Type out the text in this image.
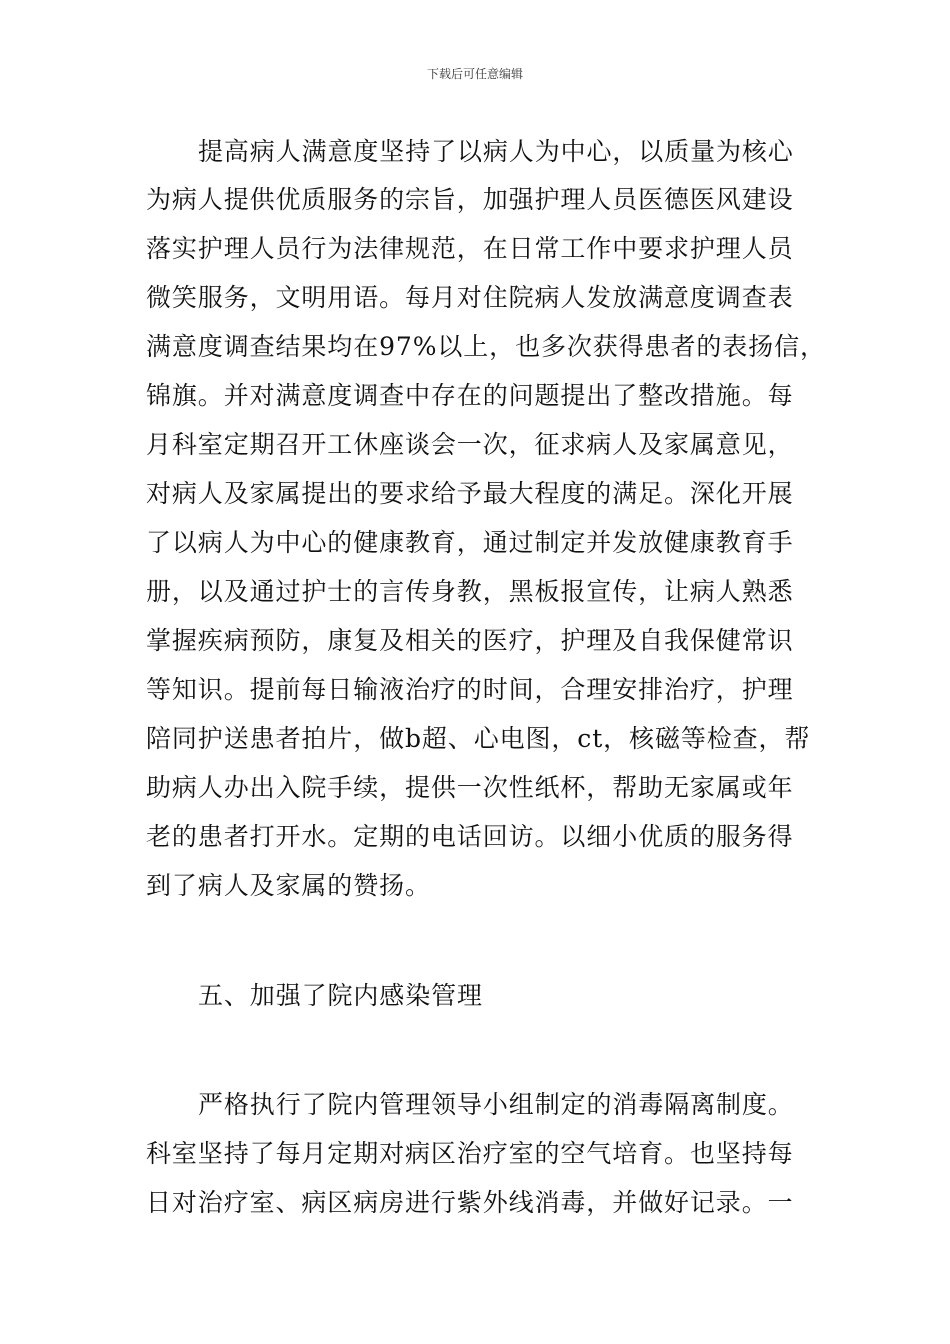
下载后可任意编辑
提高病人满意度坚持了以病人为中心，以质量为核心
为病人提供优质服务的宗旨，加强护理人员医德医风建设
落实护理人员行为法律规范，在日常工作中要求护理人员
微笑服务，文明用语。每月对住院病人发放满意度调查表
满意度调查结果均在97%以上，也多次获得患者的表扬信，
锦旗。并对满意度调查中存在的问题提出了整改措施。每
月科室定期召开工休座谈会一次，征求病人及家属意见，
对病人及家属提出的要求给予最大程度的满足。深化开展
了以病人为中心的健康教育，通过制定并发放健康教育手
册，以及通过护士的言传身教，黑板报宣传，让病人熟悉
掌握疾病预防，康复及相关的医疗，护理及自我保健常识
等知识。提前每日输液治疗的时间，合理安排治疗，护理
陪同护送患者拍片，做b超、心电图，ct，核磁等检查，帮
助病人办出入院手续，提供一次性纸杯，帮助无家属或年
老的患者打开水。定期的电话回访。以细小优质的服务得
到了病人及家属的赞扬。
五、加强了院内感染管理
严格执行了院内管理领导小组制定的消毒隔离制度。
科室坚持了每月定期对病区治疗室的空气培育。也坚持每
日对治疗室、病区病房进行紫外线消毒，并做好记录。一
